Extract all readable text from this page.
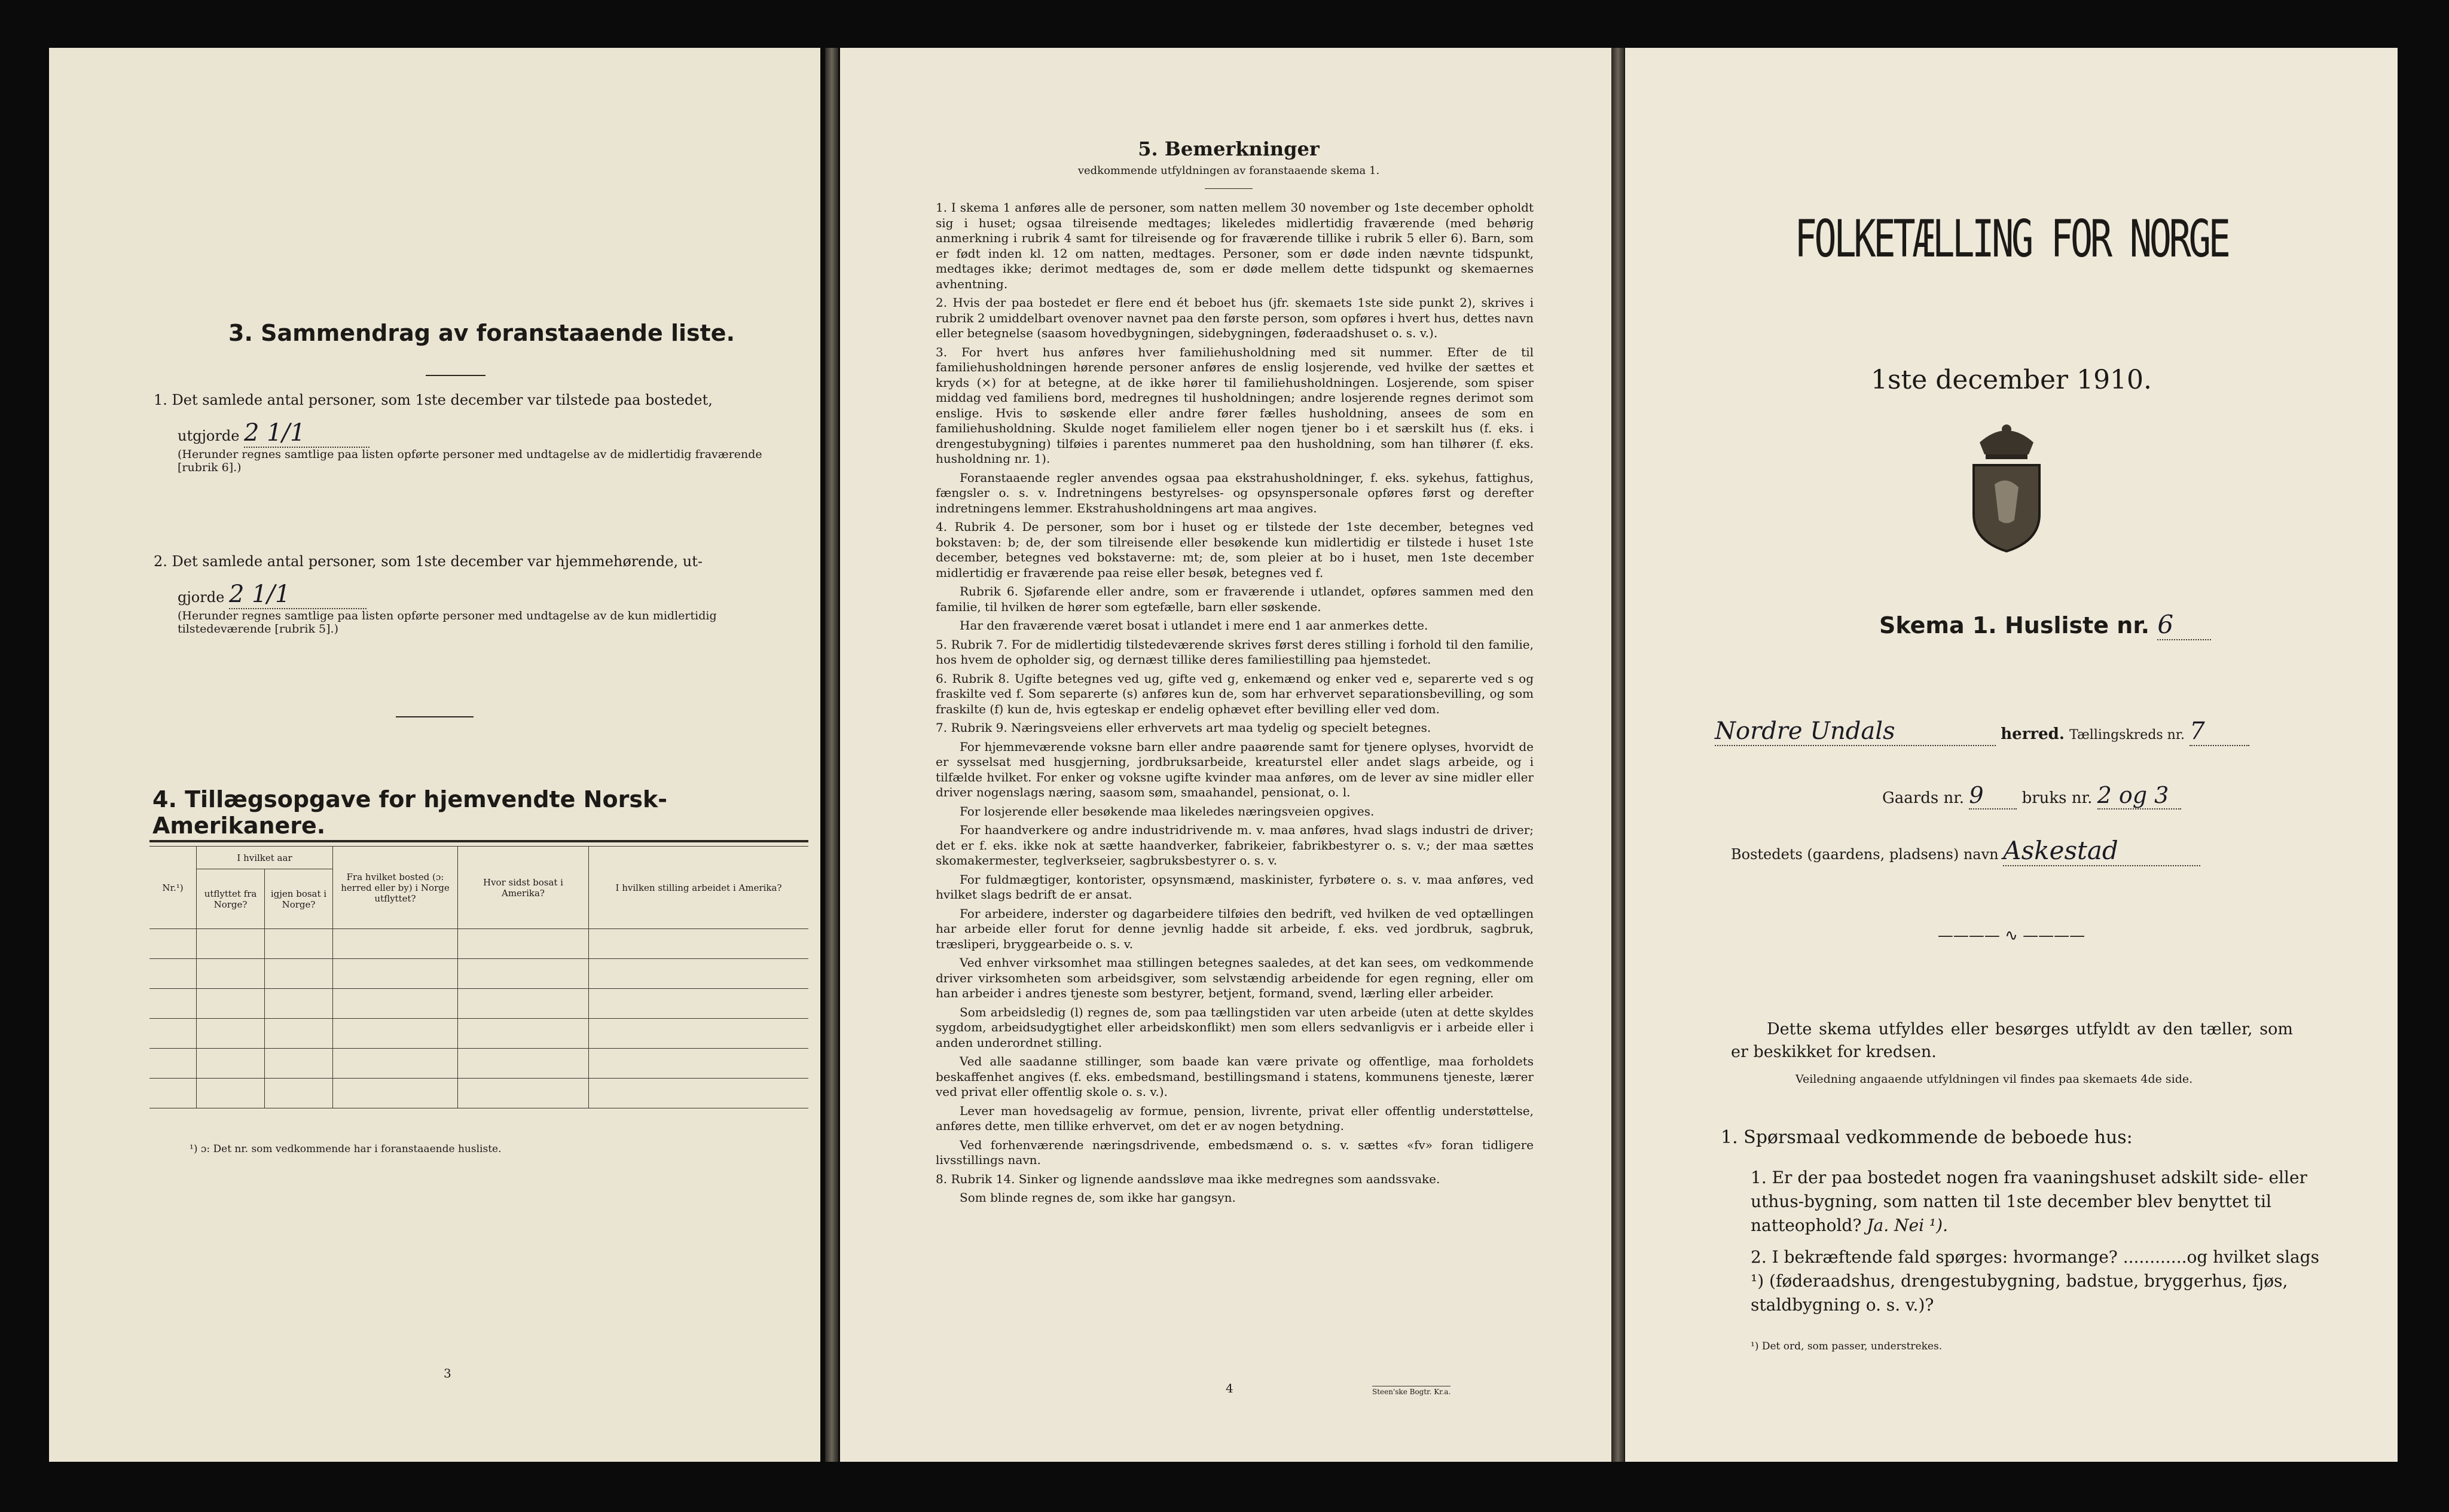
3. Sammendrag av foranstaaende liste.
1. Det samlede antal personer, som 1ste december var tilstede paa bostedet,
utgjorde 2 1/1
(Herunder regnes samtlige paa listen opførte personer med undtagelse av de midlertidig fraværende [rubrik 6].)
2. Det samlede antal personer, som 1ste december var hjemmehørende, ut-
gjorde 2 1/1
(Herunder regnes samtlige paa listen opførte personer med undtagelse av de kun midlertidig tilstedeværende [rubrik 5].)
4. Tillægsopgave for hjemvendte Norsk-Amerikanere.
Nr.¹)	I hvilket aar		Fra hvilket bosted (ɔ: herred eller by) i Norge utflyttet?	Hvor sidst bosat i Amerika?	I hvilken stilling arbeidet i Amerika?
	utflyttet fra Norge?	igjen bosat i Norge?			

¹) ɔ: Det nr. som vedkommende har i foranstaaende husliste.
3
5. Bemerkninger
vedkommende utfyldningen av foranstaaende skema 1.

1. I skema 1 anføres alle de personer, som natten mellem 30 november og 1ste december opholdt sig i huset; ogsaa tilreisende medtages; likeledes midlertidig fraværende (med behørig anmerkning i rubrik 4 samt for tilreisende og for fraværende tillike i rubrik 5 eller 6). Barn, som er født inden kl. 12 om natten, medtages. Personer, som er døde inden nævnte tidspunkt, medtages ikke; derimot medtages de, som er døde mellem dette tidspunkt og skemaernes avhentning.

2. Hvis der paa bostedet er flere end ét beboet hus (jfr. skemaets 1ste side punkt 2), skrives i rubrik 2 umiddelbart ovenover navnet paa den første person, som opføres i hvert hus, dettes navn eller betegnelse (saasom hovedbygningen, sidebygningen, føderaadshuset o. s. v.).

3. For hvert hus anføres hver familiehusholdning med sit nummer. Efter de til familiehusholdningen hørende personer anføres de enslig losjerende, ved hvilke der sættes et kryds (×) for at betegne, at de ikke hører til familiehusholdningen. Losjerende, som spiser middag ved familiens bord, medregnes til husholdningen; andre losjerende regnes derimot som enslige. Hvis to søskende eller andre fører fælles husholdning, ansees de som en familiehusholdning. Skulde noget familielem eller nogen tjener bo i et særskilt hus (f. eks. i drengestubygning) tilføies i parentes nummeret paa den husholdning, som han tilhører (f. eks. husholdning nr. 1).

Foranstaaende regler anvendes ogsaa paa ekstrahusholdninger, f. eks. sykehus, fattighus, fængsler o. s. v. Indretningens bestyrelses- og opsynspersonale opføres først og derefter indretningens lemmer. Ekstrahusholdningens art maa angives.

4. Rubrik 4. De personer, som bor i huset og er tilstede der 1ste december, betegnes ved bokstaven: b; de, der som tilreisende eller besøkende kun midlertidig er tilstede i huset 1ste december, betegnes ved bokstaverne: mt; de, som pleier at bo i huset, men 1ste december midlertidig er fraværende paa reise eller besøk, betegnes ved f.

Rubrik 6. Sjøfarende eller andre, som er fraværende i utlandet, opføres sammen med den familie, til hvilken de hører som egtefælle, barn eller søskende.

Har den fraværende været bosat i utlandet i mere end 1 aar anmerkes dette.

5. Rubrik 7. For de midlertidig tilstedeværende skrives først deres stilling i forhold til den familie, hos hvem de opholder sig, og dernæst tillike deres familiestilling paa hjemstedet.

6. Rubrik 8. Ugifte betegnes ved ug, gifte ved g, enkemænd og enker ved e, separerte ved s og fraskilte ved f. Som separerte (s) anføres kun de, som har erhvervet separationsbevilling, og som fraskilte (f) kun de, hvis egteskap er endelig ophævet efter bevilling eller ved dom.

7. Rubrik 9. Næringsveiens eller erhvervets art maa tydelig og specielt betegnes.

For hjemmeværende voksne barn eller andre paaørende samt for tjenere oplyses, hvorvidt de er sysselsat med husgjerning, jordbruksarbeide, kreaturstel eller andet slags arbeide, og i tilfælde hvilket. For enker og voksne ugifte kvinder maa anføres, om de lever av sine midler eller driver nogenslags næring, saasom søm, smaahandel, pensionat, o. l.

For losjerende eller besøkende maa likeledes næringsveien opgives.

For haandverkere og andre industridrivende m. v. maa anføres, hvad slags industri de driver; det er f. eks. ikke nok at sætte haandverker, fabrikeier, fabrikbestyrer o. s. v.; der maa sættes skomakermester, teglverkseier, sagbruksbestyrer o. s. v.

For fuldmægtiger, kontorister, opsynsmænd, maskinister, fyrbøtere o. s. v. maa anføres, ved hvilket slags bedrift de er ansat.

For arbeidere, inderster og dagarbeidere tilføies den bedrift, ved hvilken de ved optællingen har arbeide eller forut for denne jevnlig hadde sit arbeide, f. eks. ved jordbruk, sagbruk, træsliperi, bryggearbeide o. s. v.

Ved enhver virksomhet maa stillingen betegnes saaledes, at det kan sees, om vedkommende driver virksomheten som arbeidsgiver, som selvstændig arbeidende for egen regning, eller om han arbeider i andres tjeneste som bestyrer, betjent, formand, svend, lærling eller arbeider.

Som arbeidsledig (l) regnes de, som paa tællingstiden var uten arbeide (uten at dette skyldes sygdom, arbeidsudygtighet eller arbeidskonflikt) men som ellers sedvanligvis er i arbeide eller i anden underordnet stilling.

Ved alle saadanne stillinger, som baade kan være private og offentlige, maa forholdets beskaffenhet angives (f. eks. embedsmand, bestillingsmand i statens, kommunens tjeneste, lærer ved privat eller offentlig skole o. s. v.).

Lever man hovedsagelig av formue, pension, livrente, privat eller offentlig understøttelse, anføres dette, men tillike erhvervet, om det er av nogen betydning.

Ved forhenværende næringsdrivende, embedsmænd o. s. v. sættes «fv» foran tidligere livsstillings navn.

8. Rubrik 14. Sinker og lignende aandssløve maa ikke medregnes som aandssvake.

Som blinde regnes de, som ikke har gangsyn.

4	Steen'ske Bogtr. Kr.a.
FOLKETÆLLING FOR NORGE
1ste december 1910.
Skema 1. Husliste nr. 6
Nordre Undals	herred. Tællingskreds nr. 7
Gaards nr. 9 bruks nr. 2 og 3
Bostedets (gaardens, pladsens) navn Askestad
———— ∿ ————
Dette skema utfyldes eller besørges utfyldt av den tæller, som er beskikket for kredsen.
Veiledning angaaende utfyldningen vil findes paa skemaets 4de side.
1. Spørsmaal vedkommende de beboede hus:
1. Er der paa bostedet nogen fra vaaningshuset adskilt side- eller uthus-bygning, som natten til 1ste december blev benyttet til natteophold? Ja. Nei ¹).
2. I bekræftende fald spørges: hvormange? ............og hvilket slags ¹) (føderaadshus, drengestubygning, badstue, bryggerhus, fjøs, staldbygning o. s. v.)?
¹) Det ord, som passer, understrekes.
